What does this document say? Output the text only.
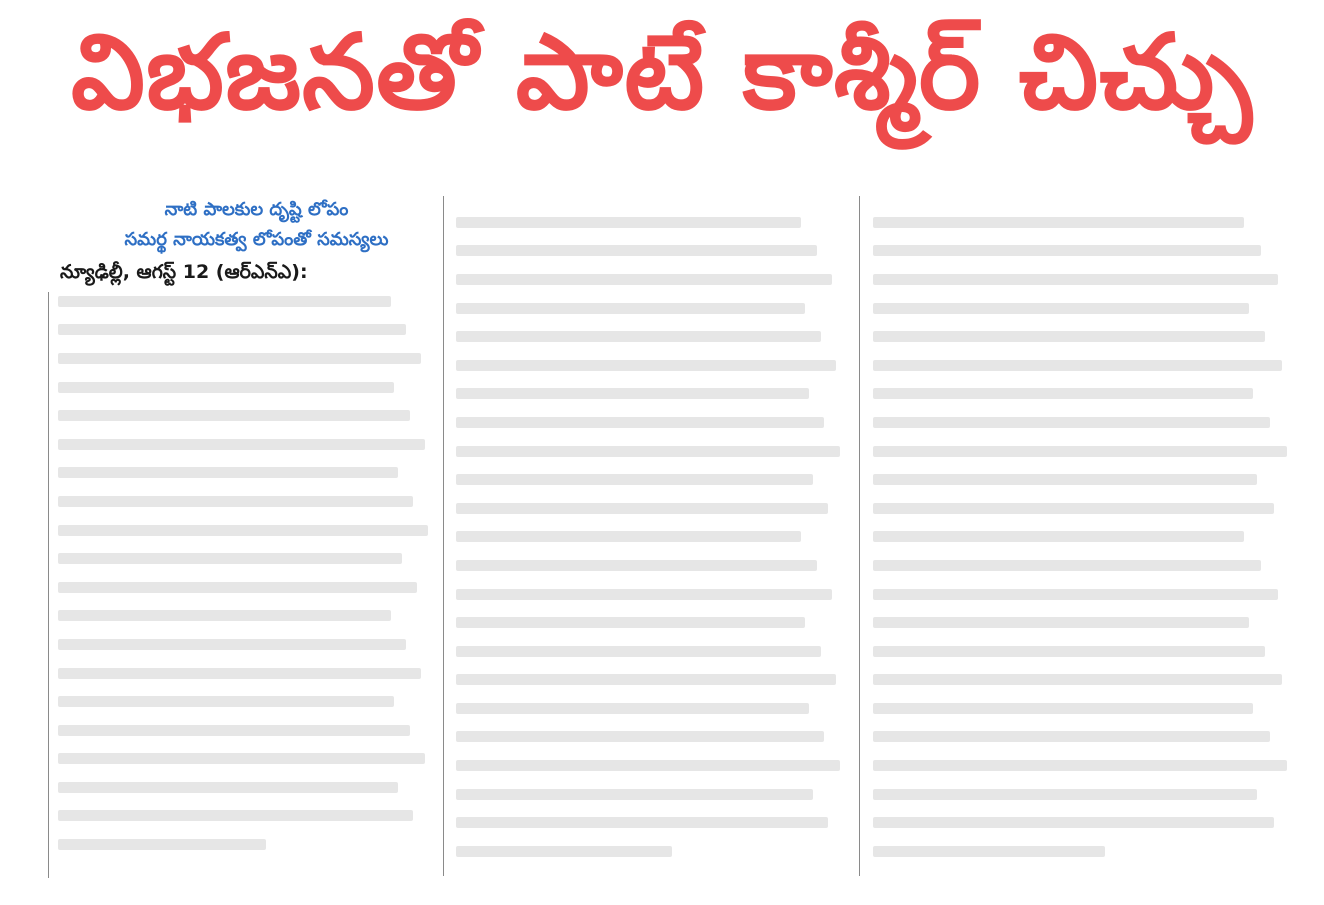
విభజనతో పాటే కాశ్మీర్ చిచ్చు
నాటి పాలకుల దృష్టి లోపం
సమర్థ నాయకత్వ లోపంతో సమస్యలు
న్యూఢిల్లీ, ఆగస్ట్ 12 (ఆర్ఎన్ఎ):
